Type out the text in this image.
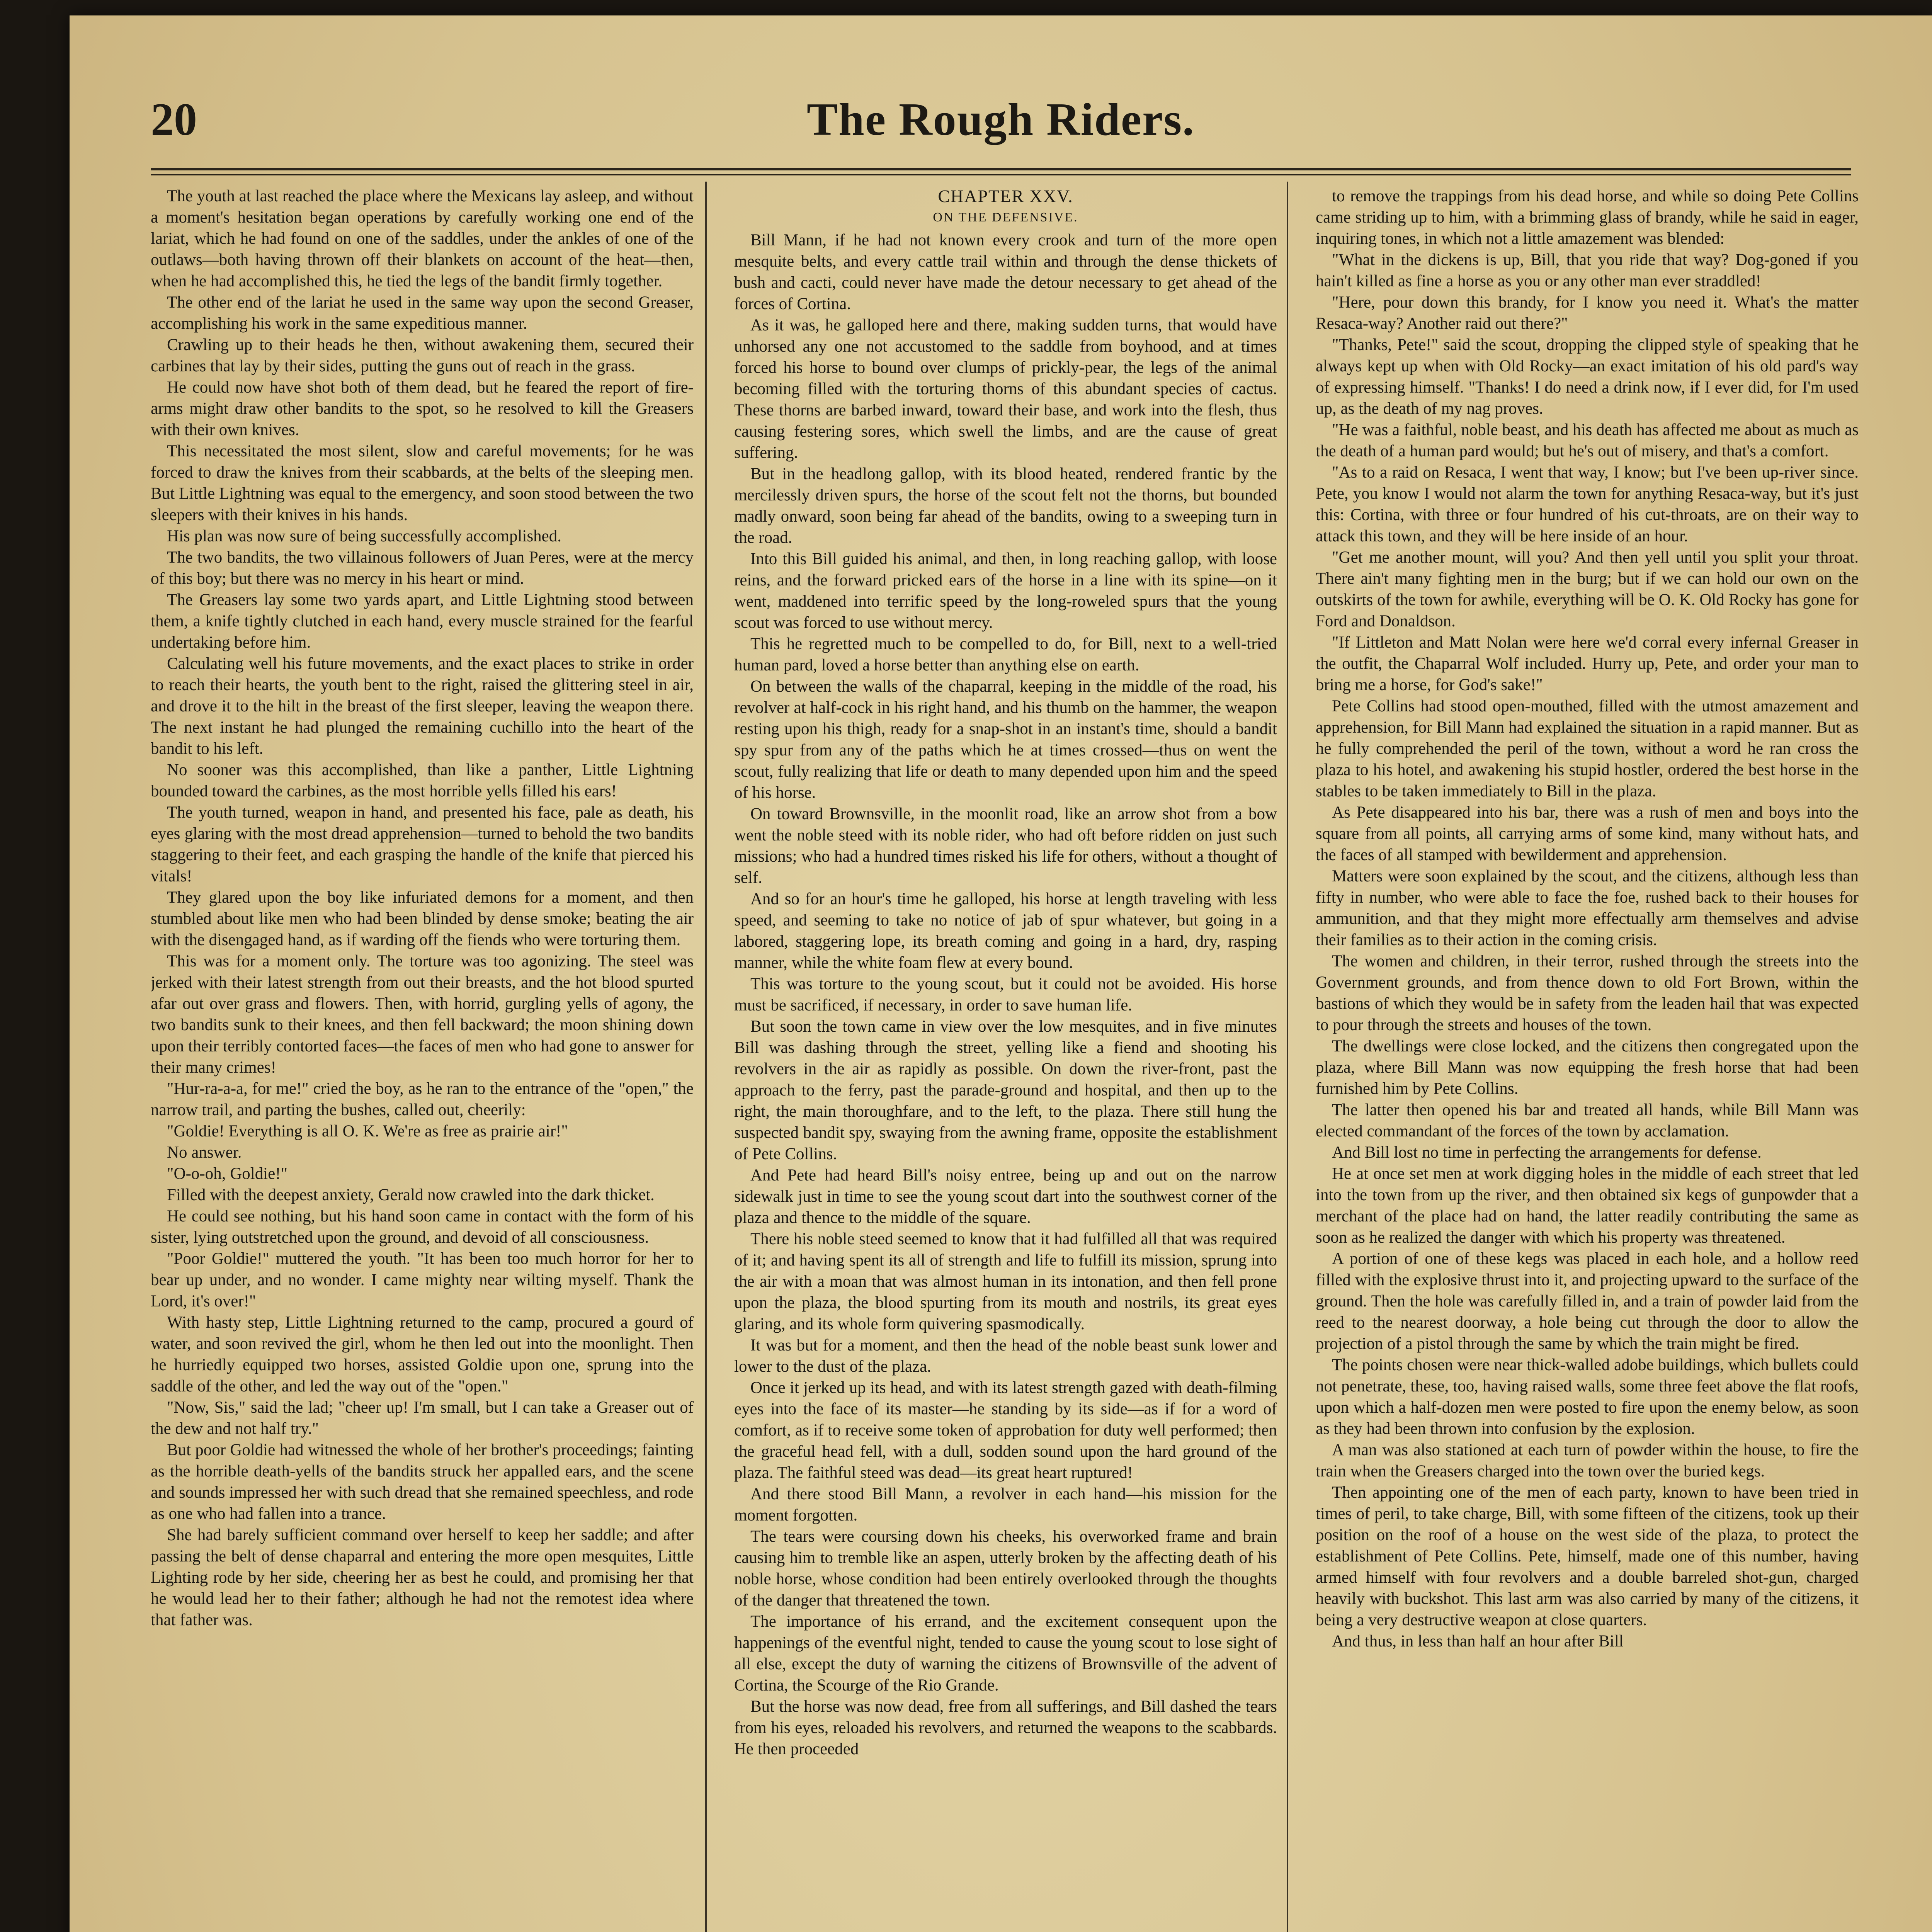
The Rough Riders.
20

The youth at last reached the place where the Mexicans lay asleep, and without a moment's hesitation began operations by carefully working one end of the lariat, which he had found on one of the saddles, under the ankles of one of the outlaws—both having thrown off their blankets on account of the heat—then, when he had accomplished this, he tied the legs of the bandit firmly together.

The other end of the lariat he used in the same way upon the second Greaser, accomplishing his work in the same expeditious manner.

Crawling up to their heads he then, without awakening them, secured their carbines that lay by their sides, putting the guns out of reach in the grass.

He could now have shot both of them dead, but he feared the report of fire-arms might draw other bandits to the spot, so he resolved to kill the Greasers with their own knives.

This necessitated the most silent, slow and careful movements; for he was forced to draw the knives from their scabbards, at the belts of the sleeping men. But Little Lightning was equal to the emergency, and soon stood between the two sleepers with their knives in his hands.

His plan was now sure of being successfully accomplished.

The two bandits, the two villainous followers of Juan Peres, were at the mercy of this boy; but there was no mercy in his heart or mind.

The Greasers lay some two yards apart, and Little Lightning stood between them, a knife tightly clutched in each hand, every muscle strained for the fearful undertaking before him.

Calculating well his future movements, and the exact places to strike in order to reach their hearts, the youth bent to the right, raised the glittering steel in air, and drove it to the hilt in the breast of the first sleeper, leaving the weapon there. The next instant he had plunged the remaining cuchillo into the heart of the bandit to his left.

No sooner was this accomplished, than like a panther, Little Lightning bounded toward the carbines, as the most horrible yells filled his ears!

The youth turned, weapon in hand, and presented his face, pale as death, his eyes glaring with the most dread apprehension—turned to behold the two bandits staggering to their feet, and each grasping the handle of the knife that pierced his vitals!

They glared upon the boy like infuriated demons for a moment, and then stumbled about like men who had been blinded by dense smoke; beating the air with the disengaged hand, as if warding off the fiends who were torturing them.

This was for a moment only. The torture was too agonizing. The steel was jerked with their latest strength from out their breasts, and the hot blood spurted afar out over grass and flowers. Then, with horrid, gurgling yells of agony, the two bandits sunk to their knees, and then fell backward; the moon shining down upon their terribly contorted faces—the faces of men who had gone to answer for their many crimes!

"Hur-ra-a-a, for me!" cried the boy, as he ran to the entrance of the "open," the narrow trail, and parting the bushes, called out, cheerily:

"Goldie! Everything is all O. K. We're as free as prairie air!"

No answer.

"O-o-oh, Goldie!"

Filled with the deepest anxiety, Gerald now crawled into the dark thicket.

He could see nothing, but his hand soon came in contact with the form of his sister, lying outstretched upon the ground, and devoid of all consciousness.

"Poor Goldie!" muttered the youth. "It has been too much horror for her to bear up under, and no wonder. I came mighty near wilting myself. Thank the Lord, it's over!"

With hasty step, Little Lightning returned to the camp, procured a gourd of water, and soon revived the girl, whom he then led out into the moonlight. Then he hurriedly equipped two horses, assisted Goldie upon one, sprung into the saddle of the other, and led the way out of the "open."

"Now, Sis," said the lad; "cheer up! I'm small, but I can take a Greaser out of the dew and not half try."

But poor Goldie had witnessed the whole of her brother's proceedings; fainting as the horrible death-yells of the bandits struck her appalled ears, and the scene and sounds impressed her with such dread that she remained speechless, and rode as one who had fallen into a trance.

She had barely sufficient command over herself to keep her saddle; and after passing the belt of dense chaparral and entering the more open mesquites, Little Lighting rode by her side, cheering her as best he could, and promising her that he would lead her to their father; although he had not the remotest idea where that father was.

CHAPTER XXV.

ON THE DEFENSIVE.

Bill Mann, if he had not known every crook and turn of the more open mesquite belts, and every cattle trail within and through the dense thickets of bush and cacti, could never have made the detour necessary to get ahead of the forces of Cortina.

As it was, he galloped here and there, making sudden turns, that would have unhorsed any one not accustomed to the saddle from boyhood, and at times forced his horse to bound over clumps of prickly-pear, the legs of the animal becoming filled with the torturing thorns of this abundant species of cactus. These thorns are barbed inward, toward their base, and work into the flesh, thus causing festering sores, which swell the limbs, and are the cause of great suffering.

But in the headlong gallop, with its blood heated, rendered frantic by the mercilessly driven spurs, the horse of the scout felt not the thorns, but bounded madly onward, soon being far ahead of the bandits, owing to a sweeping turn in the road.

Into this Bill guided his animal, and then, in long reaching gallop, with loose reins, and the forward pricked ears of the horse in a line with its spine—on it went, maddened into terrific speed by the long-roweled spurs that the young scout was forced to use without mercy.

This he regretted much to be compelled to do, for Bill, next to a well-tried human pard, loved a horse better than anything else on earth.

On between the walls of the chaparral, keeping in the middle of the road, his revolver at half-cock in his right hand, and his thumb on the hammer, the weapon resting upon his thigh, ready for a snap-shot in an instant's time, should a bandit spy spur from any of the paths which he at times crossed—thus on went the scout, fully realizing that life or death to many depended upon him and the speed of his horse.

On toward Brownsville, in the moonlit road, like an arrow shot from a bow went the noble steed with its noble rider, who had oft before ridden on just such missions; who had a hundred times risked his life for others, without a thought of self.

And so for an hour's time he galloped, his horse at length traveling with less speed, and seeming to take no notice of jab of spur whatever, but going in a labored, staggering lope, its breath coming and going in a hard, dry, rasping manner, while the white foam flew at every bound.

This was torture to the young scout, but it could not be avoided. His horse must be sacrificed, if necessary, in order to save human life.

But soon the town came in view over the low mesquites, and in five minutes Bill was dashing through the street, yelling like a fiend and shooting his revolvers in the air as rapidly as possible. On down the river-front, past the approach to the ferry, past the parade-ground and hospital, and then up to the right, the main thoroughfare, and to the left, to the plaza. There still hung the suspected bandit spy, swaying from the awning frame, opposite the establishment of Pete Collins.

And Pete had heard Bill's noisy entree, being up and out on the narrow sidewalk just in time to see the young scout dart into the southwest corner of the plaza and thence to the middle of the square.

There his noble steed seemed to know that it had fulfilled all that was required of it; and having spent its all of strength and life to fulfill its mission, sprung into the air with a moan that was almost human in its intonation, and then fell prone upon the plaza, the blood spurting from its mouth and nostrils, its great eyes glaring, and its whole form quivering spasmodically.

It was but for a moment, and then the head of the noble beast sunk lower and lower to the dust of the plaza.

Once it jerked up its head, and with its latest strength gazed with death-filming eyes into the face of its master—he standing by its side—as if for a word of comfort, as if to receive some token of approbation for duty well performed; then the graceful head fell, with a dull, sodden sound upon the hard ground of the plaza. The faithful steed was dead—its great heart ruptured!

And there stood Bill Mann, a revolver in each hand—his mission for the moment forgotten.

The tears were coursing down his cheeks, his overworked frame and brain causing him to tremble like an aspen, utterly broken by the affecting death of his noble horse, whose condition had been entirely overlooked through the thoughts of the danger that threatened the town.

The importance of his errand, and the excitement consequent upon the happenings of the eventful night, tended to cause the young scout to lose sight of all else, except the duty of warning the citizens of Brownsville of the advent of Cortina, the Scourge of the Rio Grande.

But the horse was now dead, free from all sufferings, and Bill dashed the tears from his eyes, reloaded his revolvers, and returned the weapons to the scabbards. He then proceeded

to remove the trappings from his dead horse, and while so doing Pete Collins came striding up to him, with a brimming glass of brandy, while he said in eager, inquiring tones, in which not a little amazement was blended:

"What in the dickens is up, Bill, that you ride that way? Dog-goned if you hain't killed as fine a horse as you or any other man ever straddled!

"Here, pour down this brandy, for I know you need it. What's the matter Resaca-way? Another raid out there?"

"Thanks, Pete!" said the scout, dropping the clipped style of speaking that he always kept up when with Old Rocky—an exact imitation of his old pard's way of expressing himself. "Thanks! I do need a drink now, if I ever did, for I'm used up, as the death of my nag proves.

"He was a faithful, noble beast, and his death has affected me about as much as the death of a human pard would; but he's out of misery, and that's a comfort.

"As to a raid on Resaca, I went that way, I know; but I've been up-river since. Pete, you know I would not alarm the town for anything Resaca-way, but it's just this: Cortina, with three or four hundred of his cut-throats, are on their way to attack this town, and they will be here inside of an hour.

"Get me another mount, will you? And then yell until you split your throat. There ain't many fighting men in the burg; but if we can hold our own on the outskirts of the town for awhile, everything will be O. K. Old Rocky has gone for Ford and Donaldson.

"If Littleton and Matt Nolan were here we'd corral every infernal Greaser in the outfit, the Chaparral Wolf included. Hurry up, Pete, and order your man to bring me a horse, for God's sake!"

Pete Collins had stood open-mouthed, filled with the utmost amazement and apprehension, for Bill Mann had explained the situation in a rapid manner. But as he fully comprehended the peril of the town, without a word he ran cross the plaza to his hotel, and awakening his stupid hostler, ordered the best horse in the stables to be taken immediately to Bill in the plaza.

As Pete disappeared into his bar, there was a rush of men and boys into the square from all points, all carrying arms of some kind, many without hats, and the faces of all stamped with bewilderment and apprehension.

Matters were soon explained by the scout, and the citizens, although less than fifty in number, who were able to face the foe, rushed back to their houses for ammunition, and that they might more effectually arm themselves and advise their families as to their action in the coming crisis.

The women and children, in their terror, rushed through the streets into the Government grounds, and from thence down to old Fort Brown, within the bastions of which they would be in safety from the leaden hail that was expected to pour through the streets and houses of the town.

The dwellings were close locked, and the citizens then congregated upon the plaza, where Bill Mann was now equipping the fresh horse that had been furnished him by Pete Collins.

The latter then opened his bar and treated all hands, while Bill Mann was elected commandant of the forces of the town by acclamation.

And Bill lost no time in perfecting the arrangements for defense.

He at once set men at work digging holes in the middle of each street that led into the town from up the river, and then obtained six kegs of gunpowder that a merchant of the place had on hand, the latter readily contributing the same as soon as he realized the danger with which his property was threatened.

A portion of one of these kegs was placed in each hole, and a hollow reed filled with the explosive thrust into it, and projecting upward to the surface of the ground. Then the hole was carefully filled in, and a train of powder laid from the reed to the nearest doorway, a hole being cut through the door to allow the projection of a pistol through the same by which the train might be fired.

The points chosen were near thick-walled adobe buildings, which bullets could not penetrate, these, too, having raised walls, some three feet above the flat roofs, upon which a half-dozen men were posted to fire upon the enemy below, as soon as they had been thrown into confusion by the explosion.

A man was also stationed at each turn of powder within the house, to fire the train when the Greasers charged into the town over the buried kegs.

Then appointing one of the men of each party, known to have been tried in times of peril, to take charge, Bill, with some fifteen of the citizens, took up their position on the roof of a house on the west side of the plaza, to protect the establishment of Pete Collins. Pete, himself, made one of this number, having armed himself with four revolvers and a double barreled shot-gun, charged heavily with buckshot. This last arm was also carried by many of the citizens, it being a very destructive weapon at close quarters.

And thus, in less than half an hour after Bill
